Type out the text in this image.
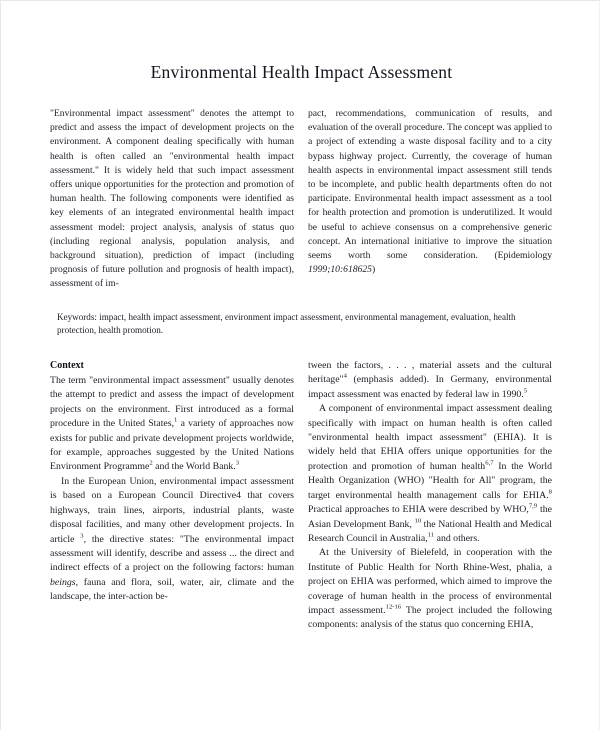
Environmental Health Impact Assessment

"Environmental impact assessment" denotes the attempt to predict and assess the impact of development projects on the environment. A component dealing specifically with human health is often called an "environmental health impact assessment." It is widely held that such impact assessment offers unique opportunities for the protection and promotion of human health. The following components were identified as key elements of an integrated environmental health impact assessment model: project analysis, analysis of status quo (including regional analysis, population analysis, and background situation), prediction of impact (including prognosis of future pollution and prognosis of health impact), assessment of im-

pact, recommendations, communication of results, and evaluation of the overall procedure. The concept was applied to a project of extending a waste disposal facility and to a city bypass highway project. Currently, the coverage of human health aspects in environmental impact assessment still tends to be incomplete, and public health departments often do not participate. Environmental health impact assessment as a tool for health protection and promotion is underutilized. It would be useful to achieve consensus on a comprehensive generic concept. An international initiative to improve the situation seems worth some consideration. (Epidemiology 1999;10:618625)

Keywords: impact, health impact assessment, environment impact assessment, environmental management, evaluation, health protection, health promotion.

Context

The term "environmental impact assessment" usually denotes the attempt to predict and assess the impact of development projects on the environment. First introduced as a formal procedure in the United States,$^1$ a variety of approaches now exists for public and private development projects worldwide, for example, approaches suggested by the United Nations Environment Programme$^2$ and the World Bank.$^3$

In the European Union, environmental impact assessment is based on a European Council Directive4 that covers highways, train lines, airports, industrial plants, waste disposal facilities, and many other development projects. In article $^3$, the directive states: "The environmental impact assessment will identify, describe and assess ... the direct and indirect effects of a project on the following factors: human beings, fauna and flora, soil, water, air, climate and the landscape, the inter-action be-

tween the factors, . . . , material assets and the cultural heritage"$^4$ (emphasis added). In Germany, environmental impact assessment was enacted by federal law in 1990.$^5$

A component of environmental impact assessment dealing specifically with impact on human health is often called "environmental health impact assessment" (EHIA). It is widely held that EHIA offers unique opportunities for the protection and promotion of human health$^{6,7}$ In the World Health Organization (WHO) "Health for All" program, the target environmental health management calls for EHIA.$^8$ Practical approaches to EHIA were described by WHO,$^{7,9}$ the Asian Development Bank, $^{10}$ the National Health and Medical Research Council in Australia,$^{11}$ and others.

At the University of Bielefeld, in cooperation with the Institute of Public Health for North Rhine-West, phalia, a project on EHIA was performed, which aimed to improve the coverage of human health in the process of environmental impact assessment.$^{12-16}$ The project included the following components: analysis of the status quo concerning EHIA,
